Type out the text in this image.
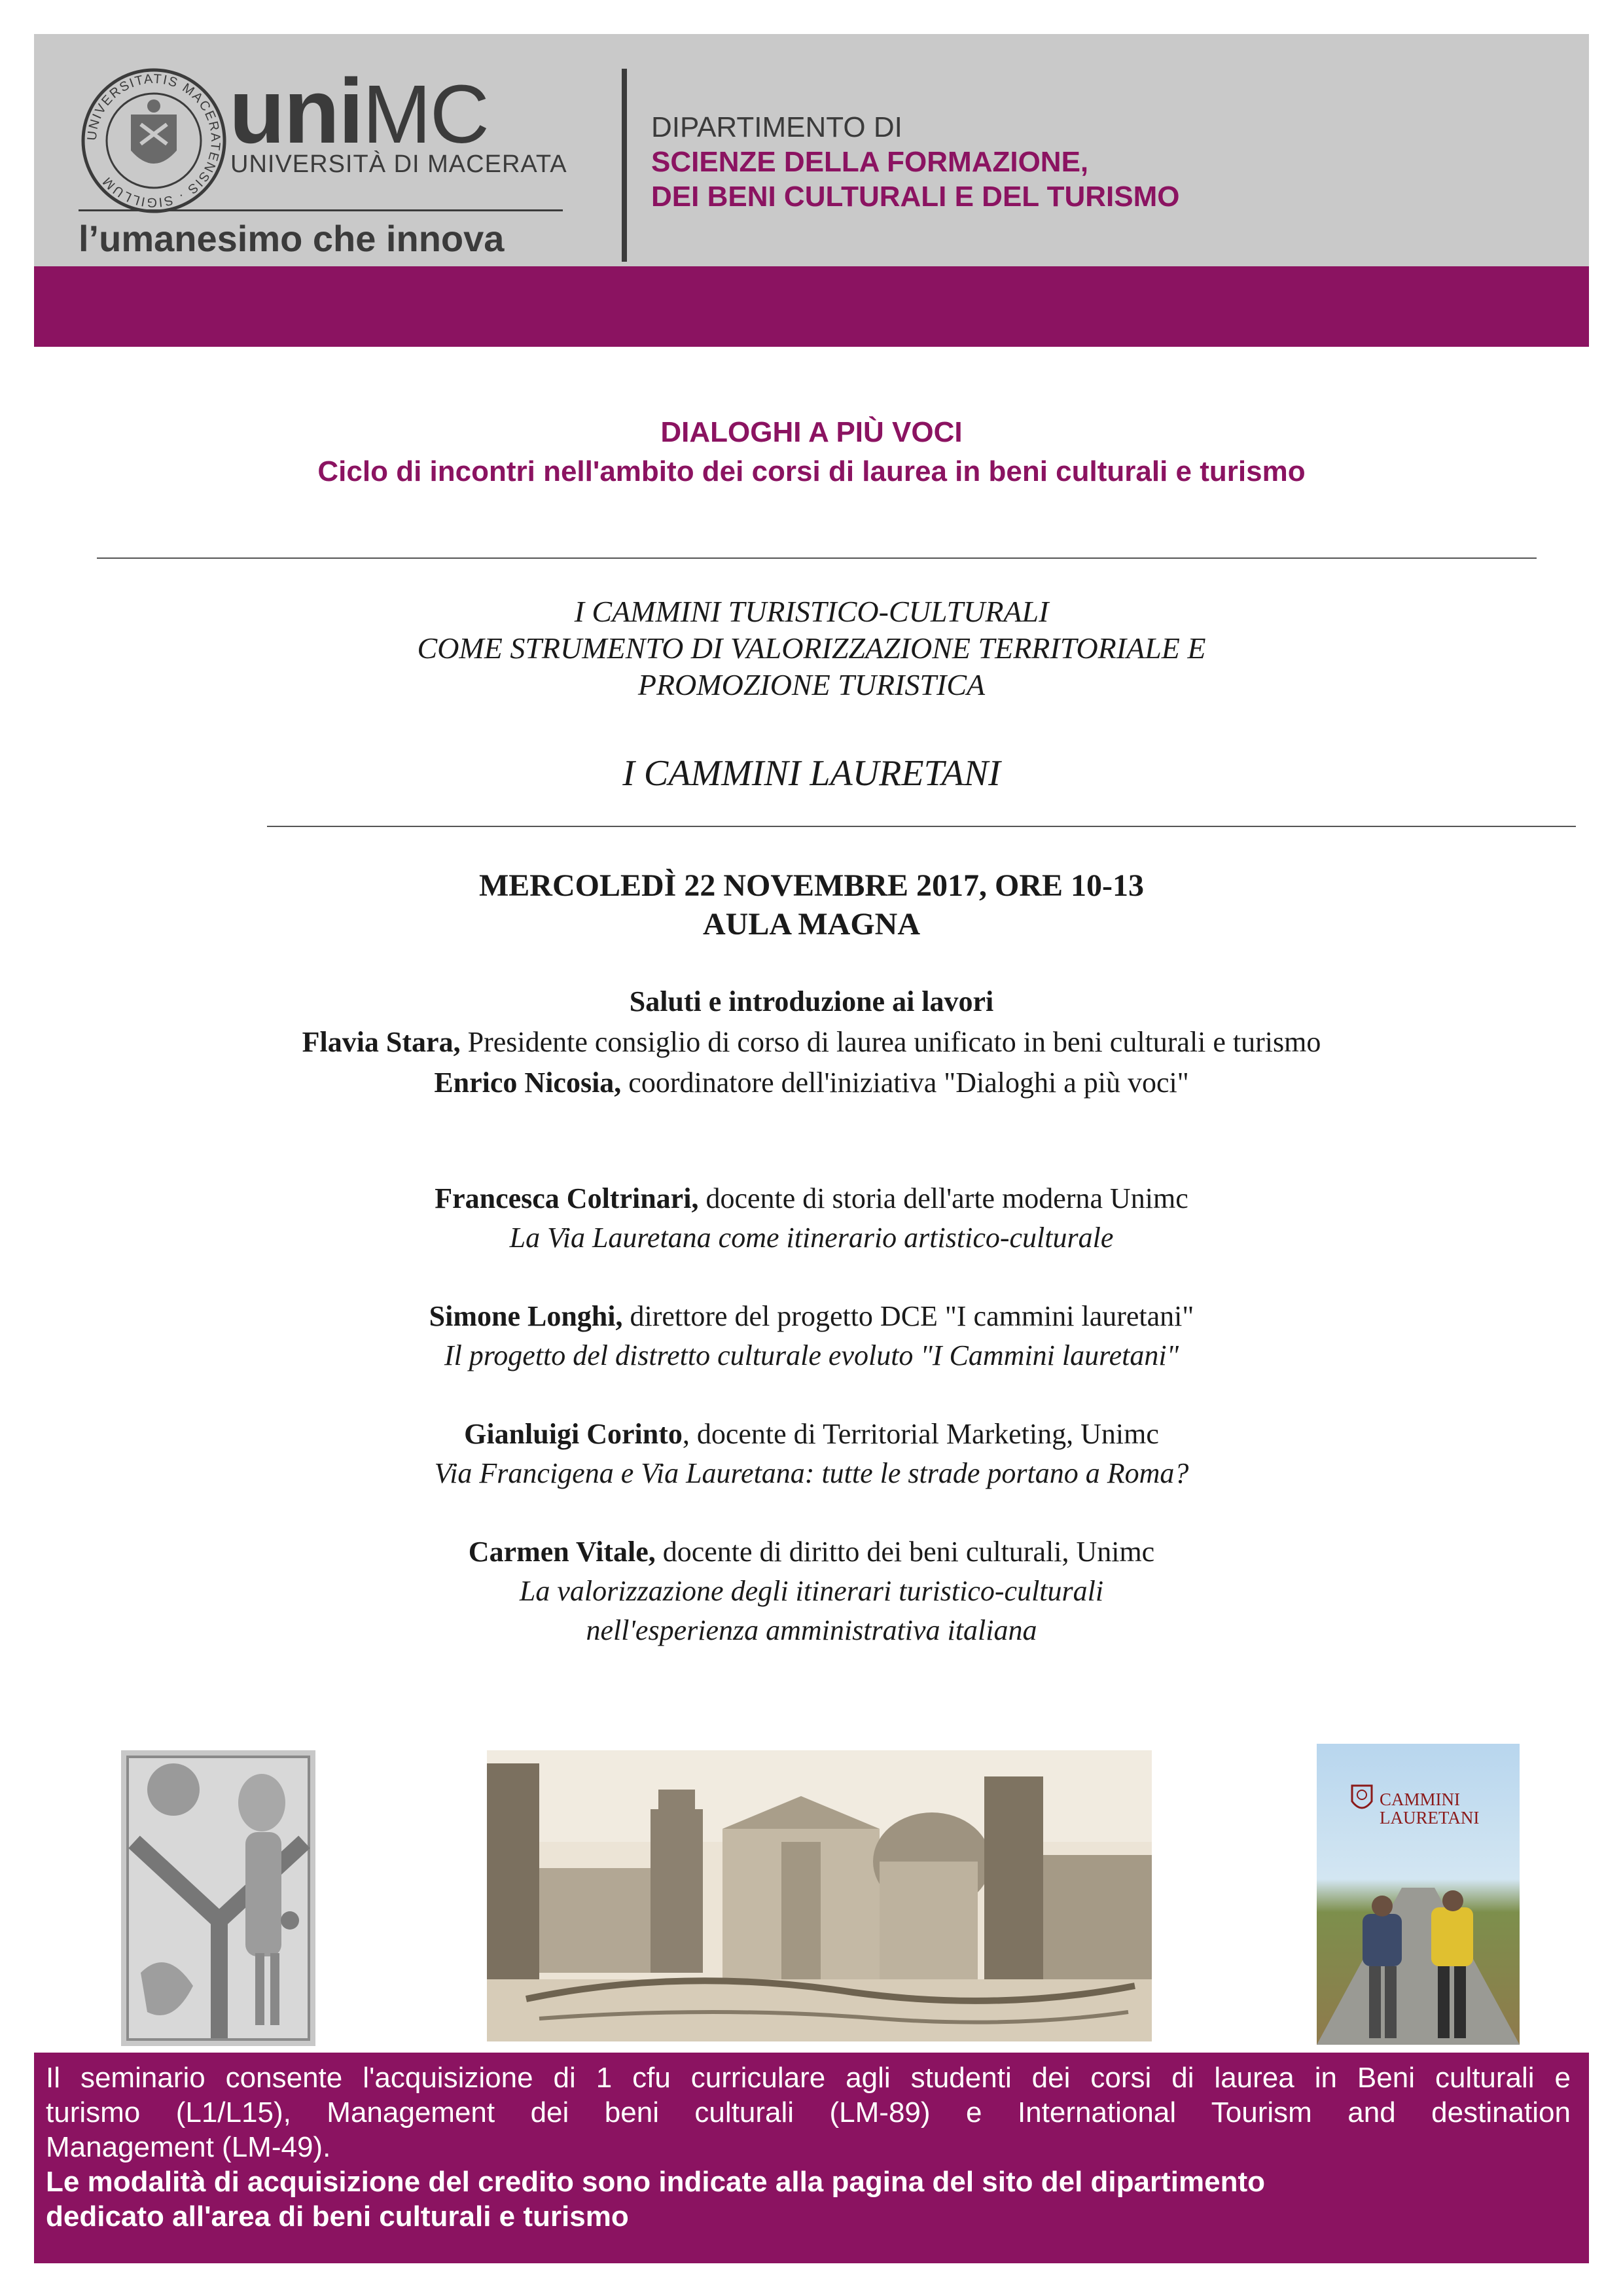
UNIVERSITATIS MACERATENSIS · SIGILLUM
uniMC
UNIVERSITÀ DI MACERATA
l’umanesimo che innova
DIPARTIMENTO DI
SCIENZE DELLA FORMAZIONE,
DEI BENI CULTURALI E DEL TURISMO
DIALOGHI A PIÙ VOCI
Ciclo di incontri nell'ambito dei corsi di laurea in beni culturali e turismo
I CAMMINI TURISTICO-CULTURALI
COME STRUMENTO DI VALORIZZAZIONE TERRITORIALE E
PROMOZIONE TURISTICA
I CAMMINI LAURETANI
MERCOLEDÌ 22 NOVEMBRE 2017, ORE 10-13
AULA MAGNA
Saluti e introduzione ai lavori
Flavia Stara, Presidente consiglio di corso di laurea unificato in beni culturali e turismo
Enrico Nicosia, coordinatore dell'iniziativa "Dialoghi a più voci"
Francesca Coltrinari, docente di storia dell'arte moderna Unimc
La Via Lauretana come itinerario artistico-culturale
Simone Longhi, direttore del progetto DCE "I cammini lauretani"
Il progetto del distretto culturale evoluto "I Cammini lauretani"
Gianluigi Corinto, docente di Territorial Marketing, Unimc
Via Francigena e Via Lauretana: tutte le strade portano a Roma?
Carmen Vitale, docente di diritto dei beni culturali, Unimc
La valorizzazione degli itinerari turistico-culturali
nell'esperienza amministrativa italiana
CAMMINI
LAURETANI
Il seminario consente l'acquisizione di 1 cfu curriculare agli studenti dei corsi di laurea in Beni culturali e
turismo (L1/L15), Management dei beni culturali (LM-89) e International Tourism and destination
Management (LM-49).
Le modalità di acquisizione del credito sono indicate alla pagina del sito del dipartimento
dedicato all'area di beni culturali e turismo
